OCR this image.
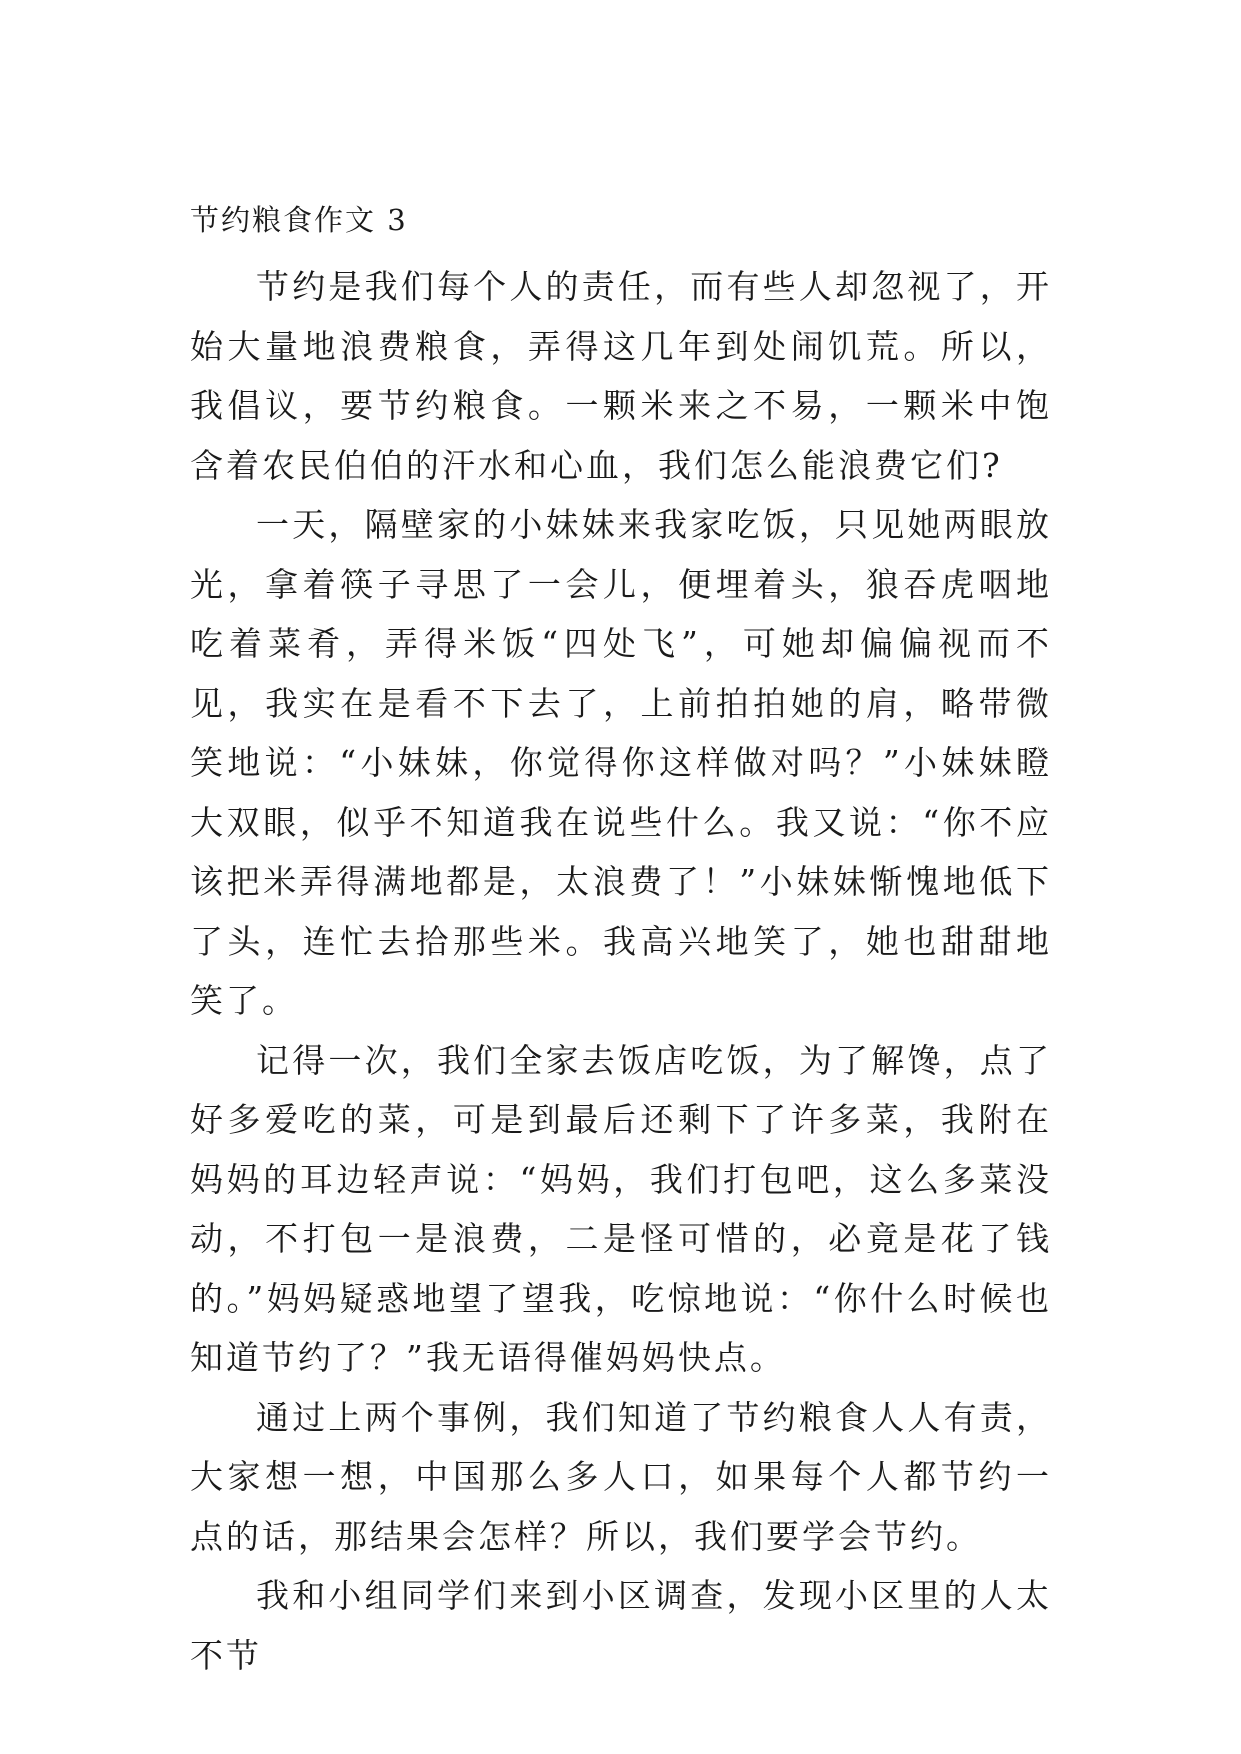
节约粮食作文 3

节约是我们每个人的责任，而有些人却忽视了，开始大量地浪费粮食，弄得这几年到处闹饥荒。所以，我倡议，要节约粮食。一颗米来之不易，一颗米中饱含着农民伯伯的汗水和心血，我们怎么能浪费它们?

一天，隔壁家的小妹妹来我家吃饭，只见她两眼放光，拿着筷子寻思了一会儿，便埋着头，狼吞虎咽地吃着菜肴，弄得米饭“四处飞”，可她却偏偏视而不见，我实在是看不下去了，上前拍拍她的肩，略带微笑地说：“小妹妹，你觉得你这样做对吗？”小妹妹瞪大双眼，似乎不知道我在说些什么。我又说：“你不应该把米弄得满地都是，太浪费了！”小妹妹惭愧地低下了头，连忙去拾那些米。我高兴地笑了，她也甜甜地笑了。

记得一次，我们全家去饭店吃饭，为了解馋，点了好多爱吃的菜，可是到最后还剩下了许多菜，我附在妈妈的耳边轻声说：“妈妈，我们打包吧，这么多菜没动，不打包一是浪费，二是怪可惜的，必竟是花了钱的。”妈妈疑惑地望了望我，吃惊地说：“你什么时候也知道节约了？”我无语得催妈妈快点。

通过上两个事例，我们知道了节约粮食人人有责，大家想一想，中国那么多人口，如果每个人都节约一点的话，那结果会怎样？所以，我们要学会节约。

我和小组同学们来到小区调查，发现小区里的人太不节
